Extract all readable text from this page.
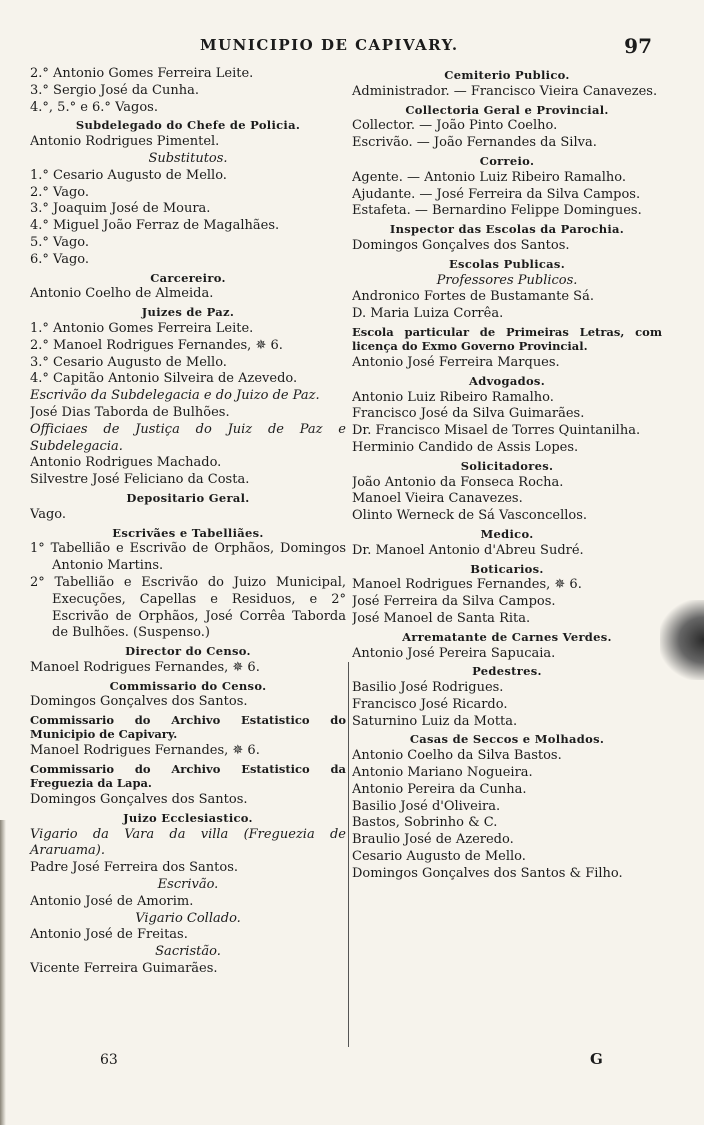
MUNICIPIO DE CAPIVARY.	97
2.° Antonio Gomes Ferreira Leite.
3.° Sergio José da Cunha.
4.°, 5.° e 6.° Vagos.
Subdelegado do Chefe de Policia.
Antonio Rodrigues Pimentel.
Substitutos.
1.° Cesario Augusto de Mello.
2.° Vago.
3.° Joaquim José de Moura.
4.° Miguel João Ferraz de Magalhães.
5.° Vago.
6.° Vago.
Carcereiro.
Antonio Coelho de Almeida.
Juizes de Paz.
1.° Antonio Gomes Ferreira Leite.
2.° Manoel Rodrigues Fernandes, ✵ 6.
3.° Cesario Augusto de Mello.
4.° Capitão Antonio Silveira de Azevedo.
Escrivão da Subdelegacia e do Juizo de Paz.
José Dias Taborda de Bulhões.
Officiaes de Justiça do Juiz de Paz e Subdelegacia.
Antonio Rodrigues Machado.
Silvestre José Feliciano da Costa.
Depositario Geral.
Vago.
Escrivães e Tabelliães.
1° Tabellião e Escrivão de Orphãos, Domingos Antonio Martins.
2° Tabellião e Escrivão do Juizo Municipal, Execuções, Capellas e Residuos, e 2° Escrivão de Orphãos, José Corrêa Taborda de Bulhões. (Suspenso.)
Director do Censo.
Manoel Rodrigues Fernandes, ✵ 6.
Commissario do Censo.
Domingos Gonçalves dos Santos.
Commissario do Archivo Estatistico do Municipio de Capivary.
Manoel Rodrigues Fernandes, ✵ 6.
Commissario do Archivo Estatistico da Freguezia da Lapa.
Domingos Gonçalves dos Santos.
Juizo Ecclesiastico.
Vigario da Vara da villa (Freguezia de Araruama).
Padre José Ferreira dos Santos.
Escrivão.
Antonio José de Amorim.
Vigario Collado.
Antonio José de Freitas.
Sacristão.
Vicente Ferreira Guimarães.
Cemiterio Publico.
Administrador. — Francisco Vieira Canavezes.
Collectoria Geral e Provincial.
Collector. — João Pinto Coelho.
Escrivão. — João Fernandes da Silva.
Correio.
Agente. — Antonio Luiz Ribeiro Ramalho.
Ajudante. — José Ferreira da Silva Campos.
Estafeta. — Bernardino Felippe Domingues.
Inspector das Escolas da Parochia.
Domingos Gonçalves dos Santos.
Escolas Publicas.
Professores Publicos.
Andronico Fortes de Bustamante Sá.
D. Maria Luiza Corrêa.
Escola particular de Primeiras Letras, com licença do Exmo Governo Provincial.
Antonio José Ferreira Marques.
Advogados.
Antonio Luiz Ribeiro Ramalho.
Francisco José da Silva Guimarães.
Dr. Francisco Misael de Torres Quintanilha.
Herminio Candido de Assis Lopes.
Solicitadores.
João Antonio da Fonseca Rocha.
Manoel Vieira Canavezes.
Olinto Werneck de Sá Vasconcellos.
Medico.
Dr. Manoel Antonio d'Abreu Sudré.
Boticarios.
Manoel Rodrigues Fernandes, ✵ 6.
José Ferreira da Silva Campos.
José Manoel de Santa Rita.
Arrematante de Carnes Verdes.
Antonio José Pereira Sapucaia.
Pedestres.
Basilio José Rodrigues.
Francisco José Ricardo.
Saturnino Luiz da Motta.
Casas de Seccos e Molhados.
Antonio Coelho da Silva Bastos.
Antonio Mariano Nogueira.
Antonio Pereira da Cunha.
Basilio José d'Oliveira.
Bastos, Sobrinho & C.
Braulio José de Azeredo.
Cesario Augusto de Mello.
Domingos Gonçalves dos Santos & Filho.
63	G
